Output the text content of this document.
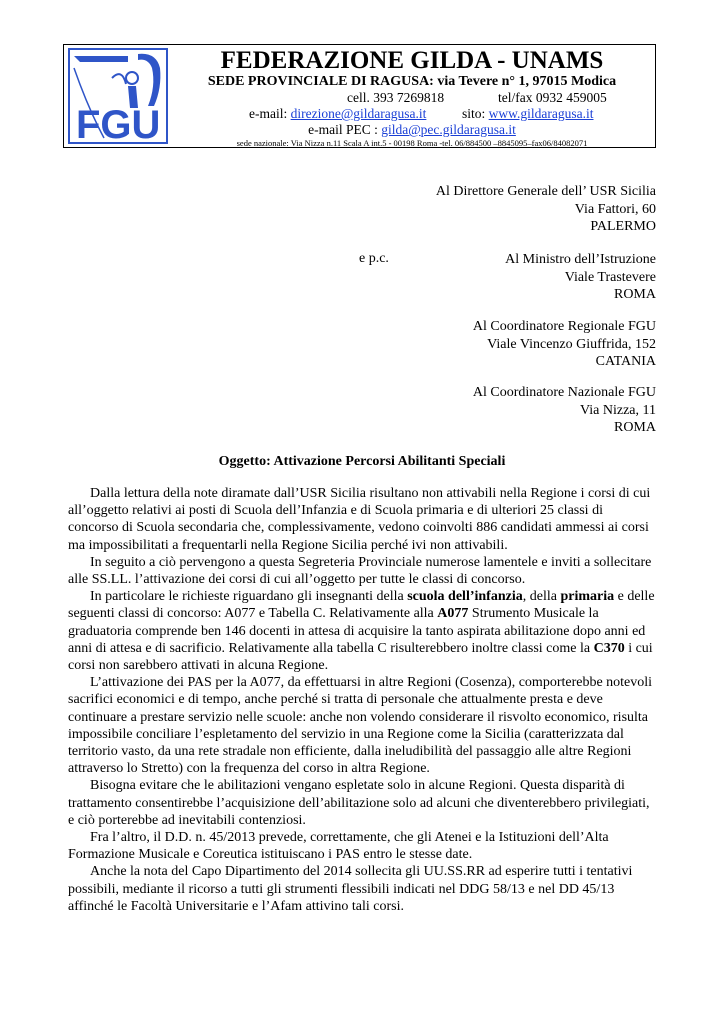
FGU
FEDERAZIONE GILDA - UNAMS
SEDE PROVINCIALE DI RAGUSA: via Tevere n° 1, 97015 Modica
cell. 393 7269818	tel/fax 0932 459005
e-mail: direzione@gildaragusa.it	sito: www.gildaragusa.it
e-mail PEC : gilda@pec.gildaragusa.it
sede nazionale: Via Nizza n.11 Scala A int.5 - 00198 Roma -tel. 06/884500 –8845095–fax06/84082071
Al Direttore Generale dell’ USR Sicilia
Via Fattori, 60
PALERMO
e p.c.	Al Ministro dell’Istruzione
Viale Trastevere
ROMA
Al Coordinatore Regionale FGU
Viale Vincenzo Giuffrida, 152
CATANIA
Al Coordinatore Nazionale FGU
Via Nizza, 11
ROMA
Oggetto: Attivazione Percorsi Abilitanti Speciali

Dalla lettura della note diramate dall’USR Sicilia risultano non attivabili nella Regione i corsi di cui all’oggetto relativi ai posti di Scuola dell’Infanzia e di Scuola primaria e di ulteriori 25 classi di concorso di Scuola secondaria che, complessivamente, vedono coinvolti 886 candidati ammessi ai corsi ma impossibilitati a frequentarli nella Regione Sicilia perché ivi non attivabili.

In seguito a ciò pervengono a questa Segreteria Provinciale numerose lamentele e inviti a sollecitare alle SS.LL. l’attivazione dei corsi di cui all’oggetto per tutte le classi di concorso.

In particolare le richieste riguardano gli insegnanti della scuola dell’infanzia, della primaria e delle seguenti classi di concorso: A077 e Tabella C. Relativamente alla A077 Strumento Musicale la graduatoria comprende ben 146 docenti in attesa di acquisire la tanto aspirata abilitazione dopo anni ed anni di attesa e di sacrificio. Relativamente alla tabella C risulterebbero inoltre classi come la C370 i cui corsi non sarebbero attivati in alcuna Regione.

L’attivazione dei PAS per la A077, da effettuarsi in altre Regioni (Cosenza), comporterebbe notevoli sacrifici economici e di tempo, anche perché si tratta di personale che attualmente presta e deve continuare a prestare servizio nelle scuole: anche non volendo considerare il risvolto economico, risulta impossibile conciliare l’espletamento del servizio in una Regione come la Sicilia (caratterizzata dal territorio vasto, da una rete stradale non efficiente, dalla ineludibilità del passaggio alle altre Regioni attraverso lo Stretto) con la frequenza del corso in altra Regione.

Bisogna evitare che le abilitazioni vengano espletate solo in alcune Regioni. Questa disparità di trattamento consentirebbe l’acquisizione dell’abilitazione solo ad alcuni che diventerebbero privilegiati, e ciò porterebbe ad inevitabili contenziosi.

Fra l’altro, il D.D. n. 45/2013 prevede, correttamente, che gli Atenei e la Istituzioni dell’Alta Formazione Musicale e Coreutica istituiscano i PAS entro le stesse date.

Anche la nota del Capo Dipartimento del 2014 sollecita gli UU.SS.RR ad esperire tutti i tentativi possibili, mediante il ricorso a tutti gli strumenti flessibili indicati nel DDG 58/13 e nel DD 45/13 affinché le Facoltà Universitarie e l’Afam attivino tali corsi.
